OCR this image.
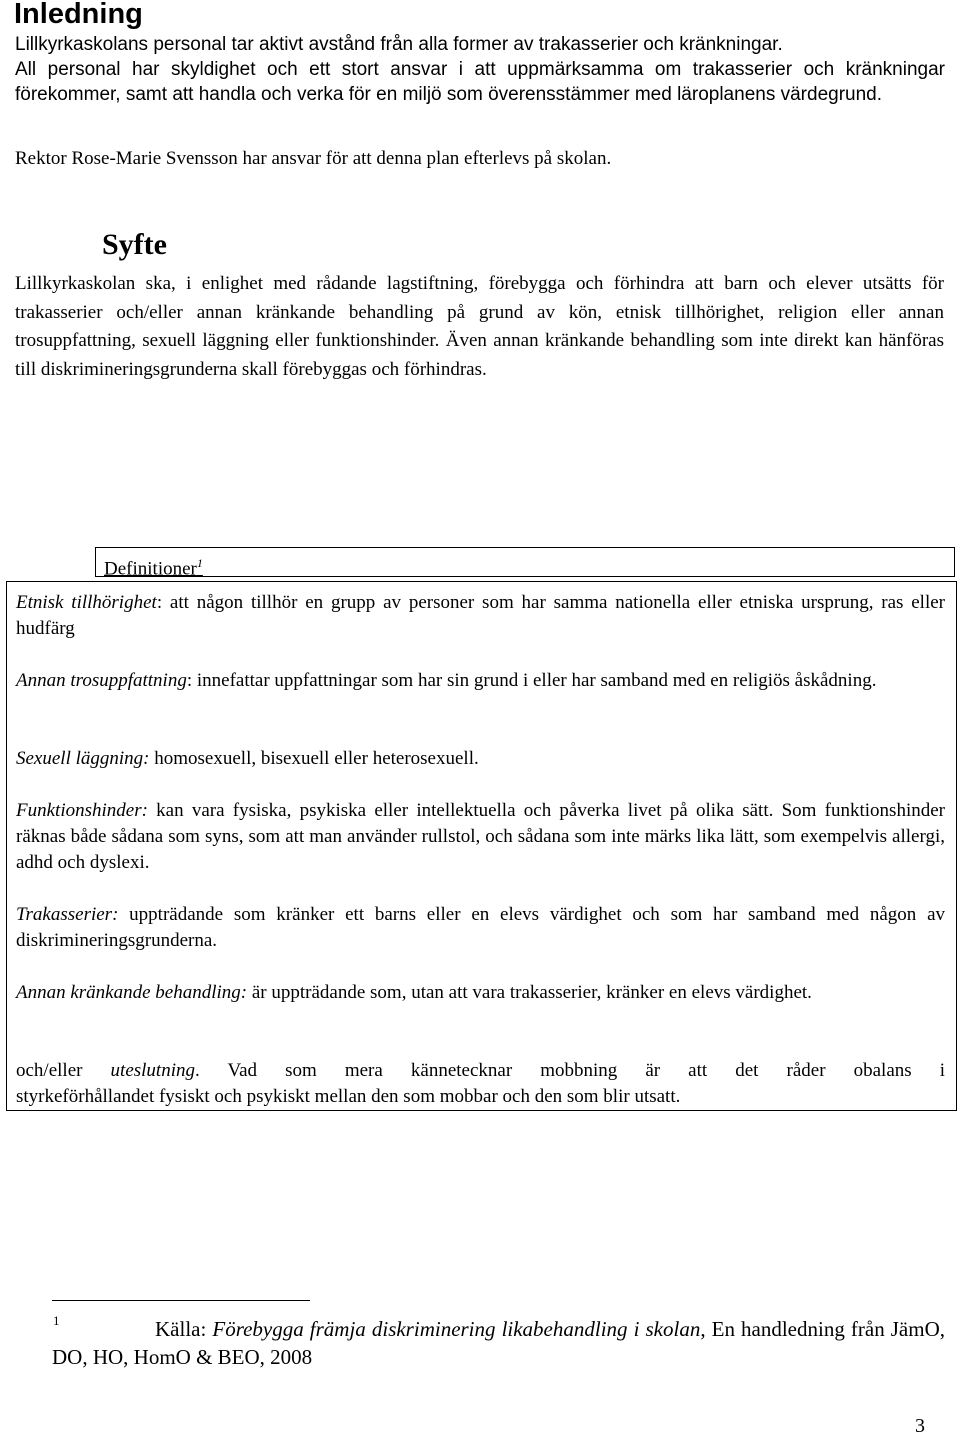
Inledning

Lillkyrkaskolans personal tar aktivt avstånd från alla former av trakasserier och kränkningar.

All personal har skyldighet och ett stort ansvar i att uppmärksamma om trakasserier och kränkningar förekommer, samt att handla och verka för en miljö som överensstämmer med läroplanens värdegrund.

Rektor Rose-Marie Svensson har ansvar för att denna plan efterlevs på skolan.

Syfte

Lillkyrkaskolan ska, i enlighet med rådande lagstiftning, förebygga och förhindra att barn och elever utsätts för trakasserier och/eller annan kränkande behandling på grund av kön, etnisk tillhörighet, religion eller annan trosuppfattning, sexuell läggning eller funktionshinder. Även annan kränkande behandling som inte direkt kan hänföras till diskrimineringsgrunderna skall förebyggas och förhindras.

Definitioner$^1$

Etnisk tillhörighet: att någon tillhör en grupp av personer som har samma nationella eller etniska ursprung, ras eller hudfärg

Annan trosuppfattning: innefattar uppfattningar som har sin grund i eller har samband med en religiös åskådning.

Sexuell läggning: homosexuell, bisexuell eller heterosexuell.

Funktionshinder: kan vara fysiska, psykiska eller intellektuella och påverka livet på olika sätt. Som funktionshinder räknas både sådana som syns, som att man använder rullstol, och sådana som inte märks lika lätt, som exempelvis allergi, adhd och dyslexi.

Trakasserier: uppträdande som kränker ett barns eller en elevs värdighet och som har samband med någon av diskrimineringsgrunderna.

Annan kränkande behandling: är uppträdande som, utan att vara trakasserier, kränker en elevs värdighet.

och/eller uteslutning. Vad som mera kännetecknar mobbning är att det råder obalans i

styrkeförhållandet fysiskt och psykiskt mellan den som mobbar och den som blir utsatt.

1	Källa: Förebygga främja diskriminering likabehandling i skolan, En handledning från JämO, DO, HO, HomO & BEO, 2008

3
